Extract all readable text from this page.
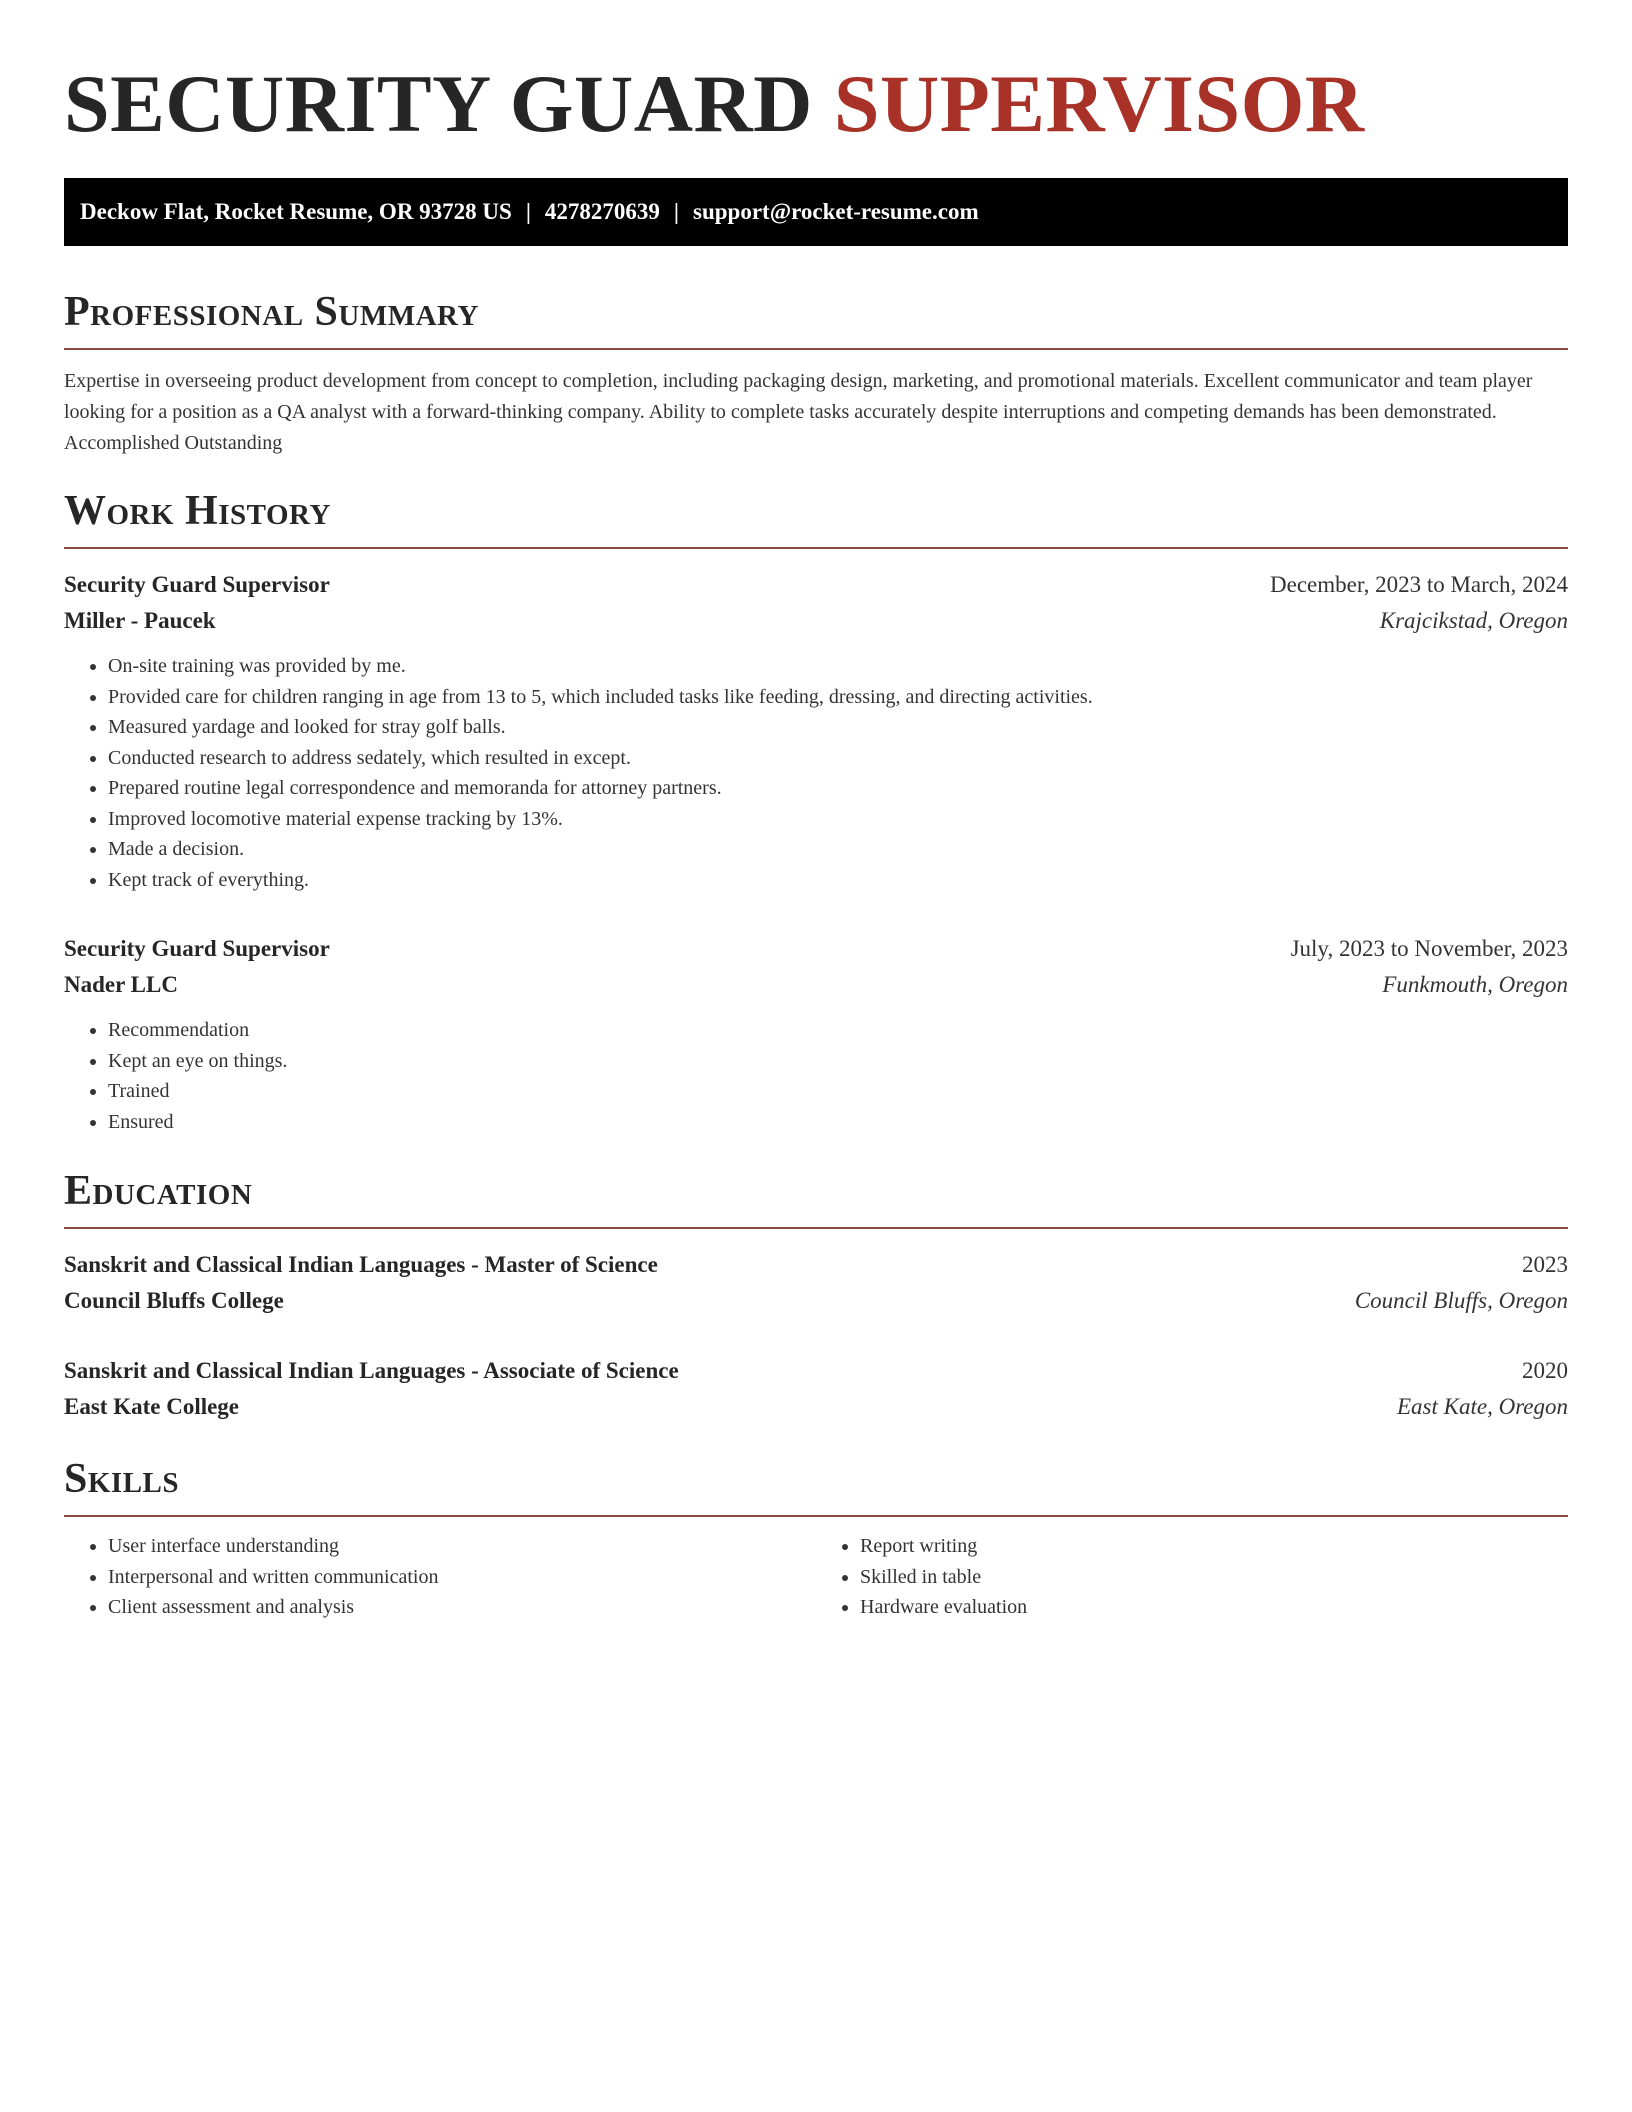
SECURITY GUARD SUPERVISOR
Deckow Flat, Rocket Resume, OR 93728 US | 4278270639 | support@rocket-resume.com
Professional Summary

Expertise in overseeing product development from concept to completion, including packaging design, marketing, and promotional materials. Excellent communicator and team player looking for a position as a QA analyst with a forward-thinking company. Ability to complete tasks accurately despite interruptions and competing demands has been demonstrated. Accomplished Outstanding

Work History
Security Guard Supervisor	December, 2023 to March, 2024
Miller - Paucek	Krajcikstad, Oregon
• On-site training was provided by me.
• Provided care for children ranging in age from 13 to 5, which included tasks like feeding, dressing, and directing activities.
• Measured yardage and looked for stray golf balls.
• Conducted research to address sedately, which resulted in except.
• Prepared routine legal correspondence and memoranda for attorney partners.
• Improved locomotive material expense tracking by 13%.
• Made a decision.
• Kept track of everything.
Security Guard Supervisor	July, 2023 to November, 2023
Nader LLC	Funkmouth, Oregon
• Recommendation
• Kept an eye on things.
• Trained
• Ensured
Education
Sanskrit and Classical Indian Languages - Master of Science	2023
Council Bluffs College	Council Bluffs, Oregon
Sanskrit and Classical Indian Languages - Associate of Science	2020
East Kate College	East Kate, Oregon
Skills
• User interface understanding
• Interpersonal and written communication
• Client assessment and analysis
• Report writing
• Skilled in table
• Hardware evaluation
